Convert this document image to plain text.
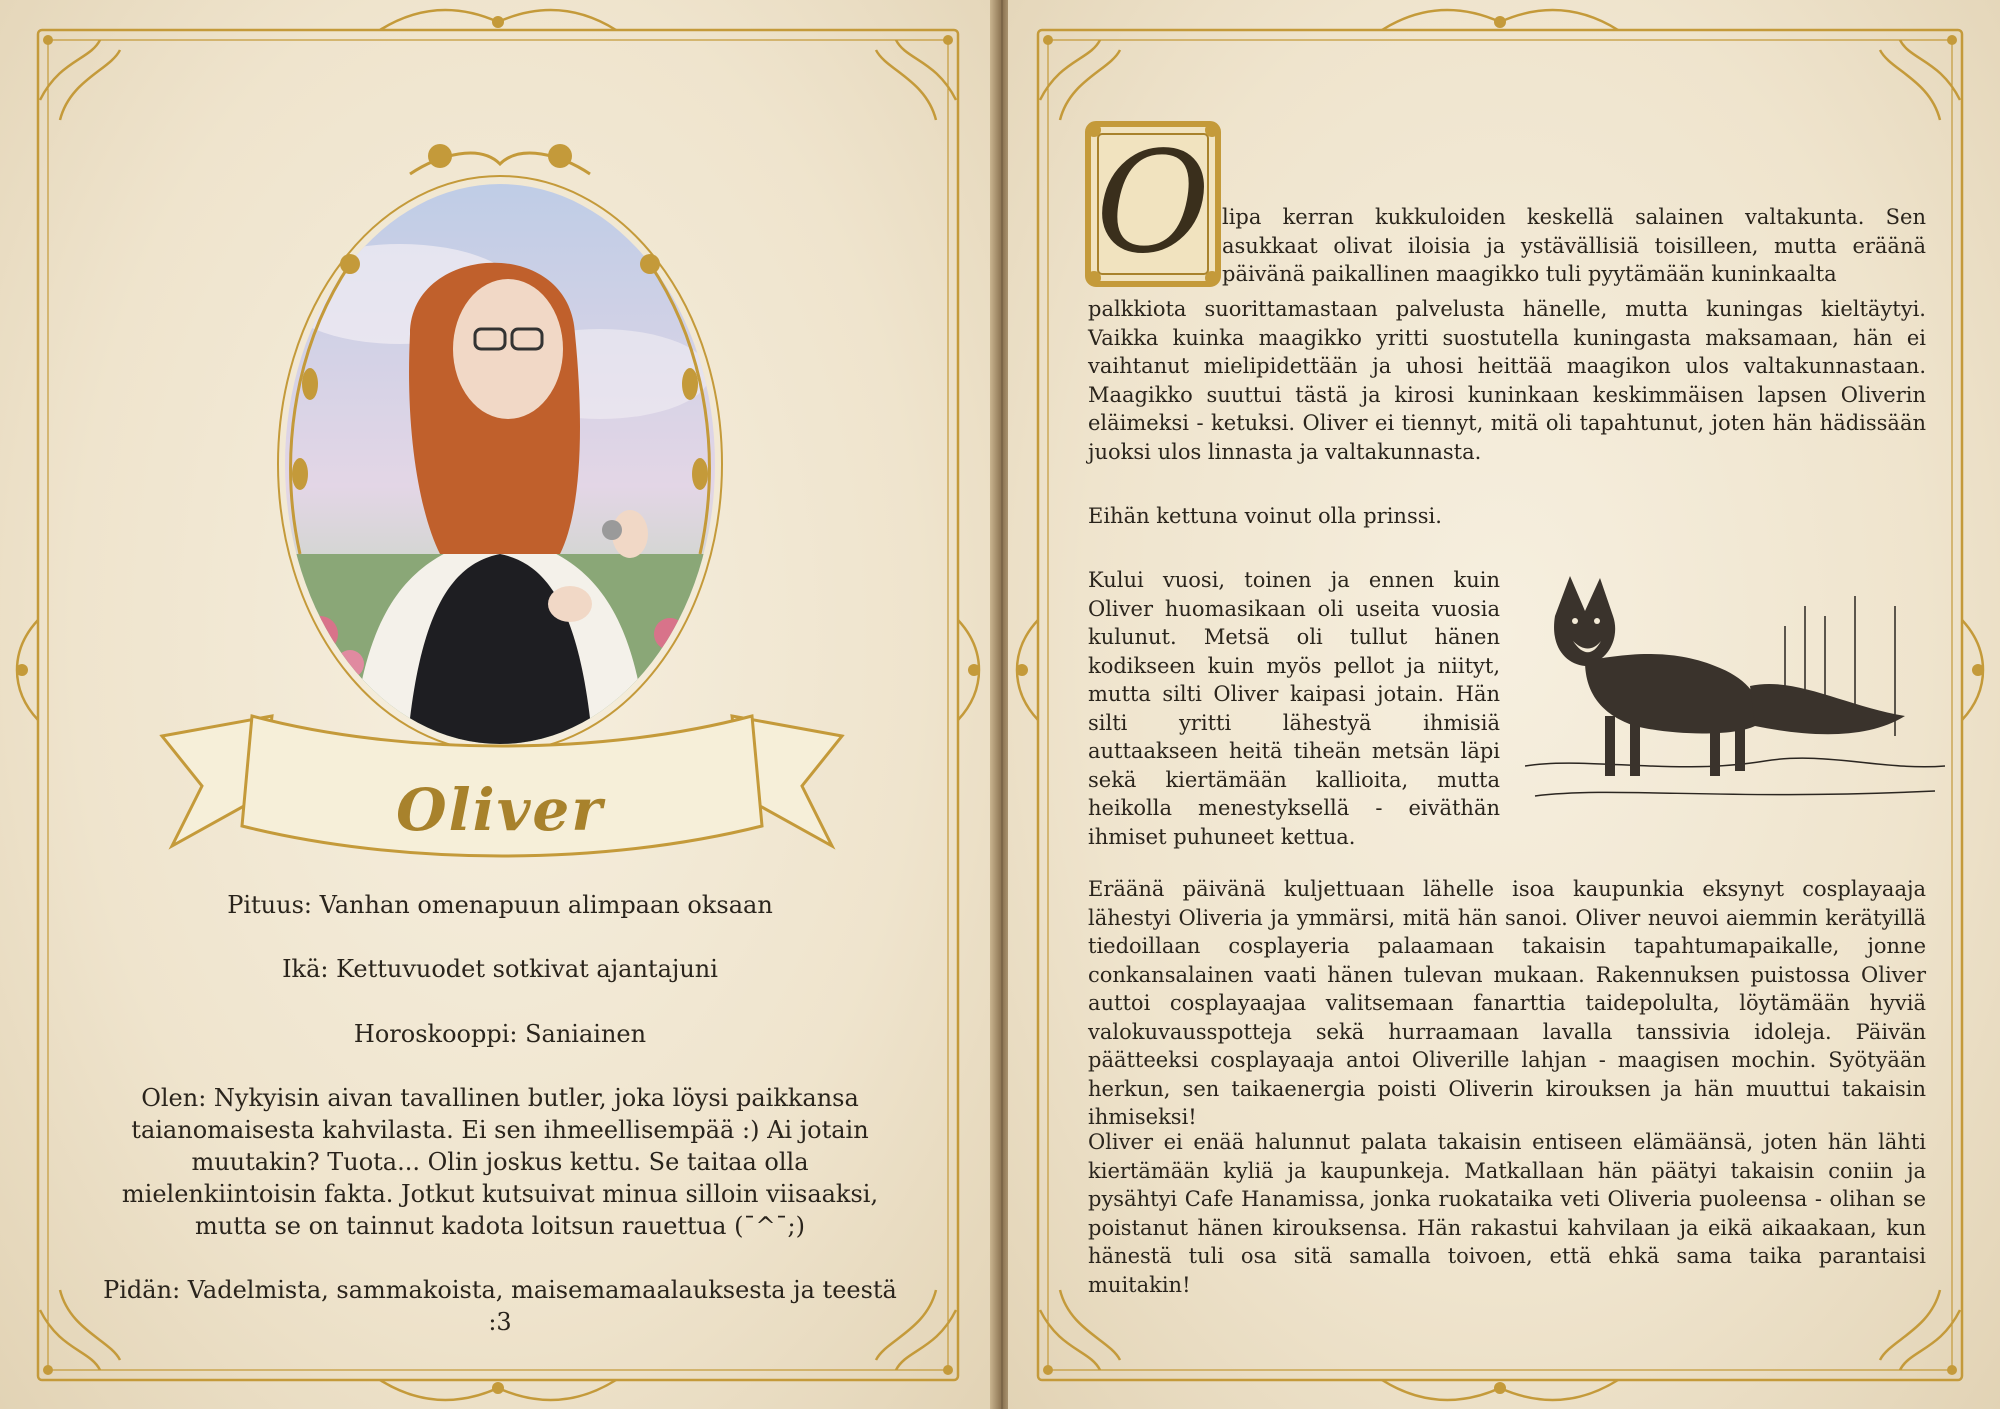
Oliver

Pituus: Vanhan omenapuun alimpaan oksaan

Ikä: Kettuvuodet sotkivat ajantajuni

Horoskooppi: Saniainen

Olen: Nykyisin aivan tavallinen butler, joka löysi paikkansa taianomaisesta kahvilasta. Ei sen ihmeellisempää :) Ai jotain muutakin? Tuota... Olin joskus kettu. Se taitaa olla mielenkiintoisin fakta. Jotkut kutsuivat minua silloin viisaaksi, mutta se on tainnut kadota loitsun rauettua (¯^¯;)

Pidän: Vadelmista, sammakoista, maisemamaalauksesta ja teestä :3

O lipa kerran kukkuloiden keskellä salainen valtakunta. Sen asukkaat olivat iloisia ja ystävällisiä toisilleen, mutta eräänä päivänä paikallinen maagikko tuli pyytämään kuninkaalta

palkkiota suorittamastaan palvelusta hänelle, mutta kuningas kieltäytyi. Vaikka kuinka maagikko yritti suostutella kuningasta maksamaan, hän ei vaihtanut mielipidettään ja uhosi heittää maagikon ulos valtakunnastaan. Maagikko suuttui tästä ja kirosi kuninkaan keskimmäisen lapsen Oliverin eläimeksi - ketuksi. Oliver ei tiennyt, mitä oli tapahtunut, joten hän hädissään juoksi ulos linnasta ja valtakunnasta.

Eihän kettuna voinut olla prinssi.

Kului vuosi, toinen ja ennen kuin Oliver huomasikaan oli useita vuosia kulunut. Metsä oli tullut hänen kodikseen kuin myös pellot ja niityt, mutta silti Oliver kaipasi jotain. Hän silti yritti lähestyä ihmisiä auttaakseen heitä tiheän metsän läpi sekä kiertämään kallioita, mutta heikolla menestyksellä - eiväthän ihmiset puhuneet kettua.

Eräänä päivänä kuljettuaan lähelle isoa kaupunkia eksynyt cosplayaaja lähestyi Oliveria ja ymmärsi, mitä hän sanoi. Oliver neuvoi aiemmin kerätyillä tiedoillaan cosplayeria palaamaan takaisin tapahtumapaikalle, jonne conkansalainen vaati hänen tulevan mukaan. Rakennuksen puistossa Oliver auttoi cosplayaajaa valitsemaan fanarttia taidepolulta, löytämään hyviä valokuvausspotteja sekä hurraamaan lavalla tanssivia idoleja. Päivän päätteeksi cosplayaaja antoi Oliverille lahjan - maagisen mochin. Syötyään herkun, sen taikaenergia poisti Oliverin kirouksen ja hän muuttui takaisin ihmiseksi!

Oliver ei enää halunnut palata takaisin entiseen elämäänsä, joten hän lähti kiertämään kyliä ja kaupunkeja. Matkallaan hän päätyi takaisin coniin ja pysähtyi Cafe Hanamissa, jonka ruokataika veti Oliveria puoleensa - olihan se poistanut hänen kirouksensa. Hän rakastui kahvilaan ja eikä aikaakaan, kun hänestä tuli osa sitä samalla toivoen, että ehkä sama taika parantaisi muitakin!
